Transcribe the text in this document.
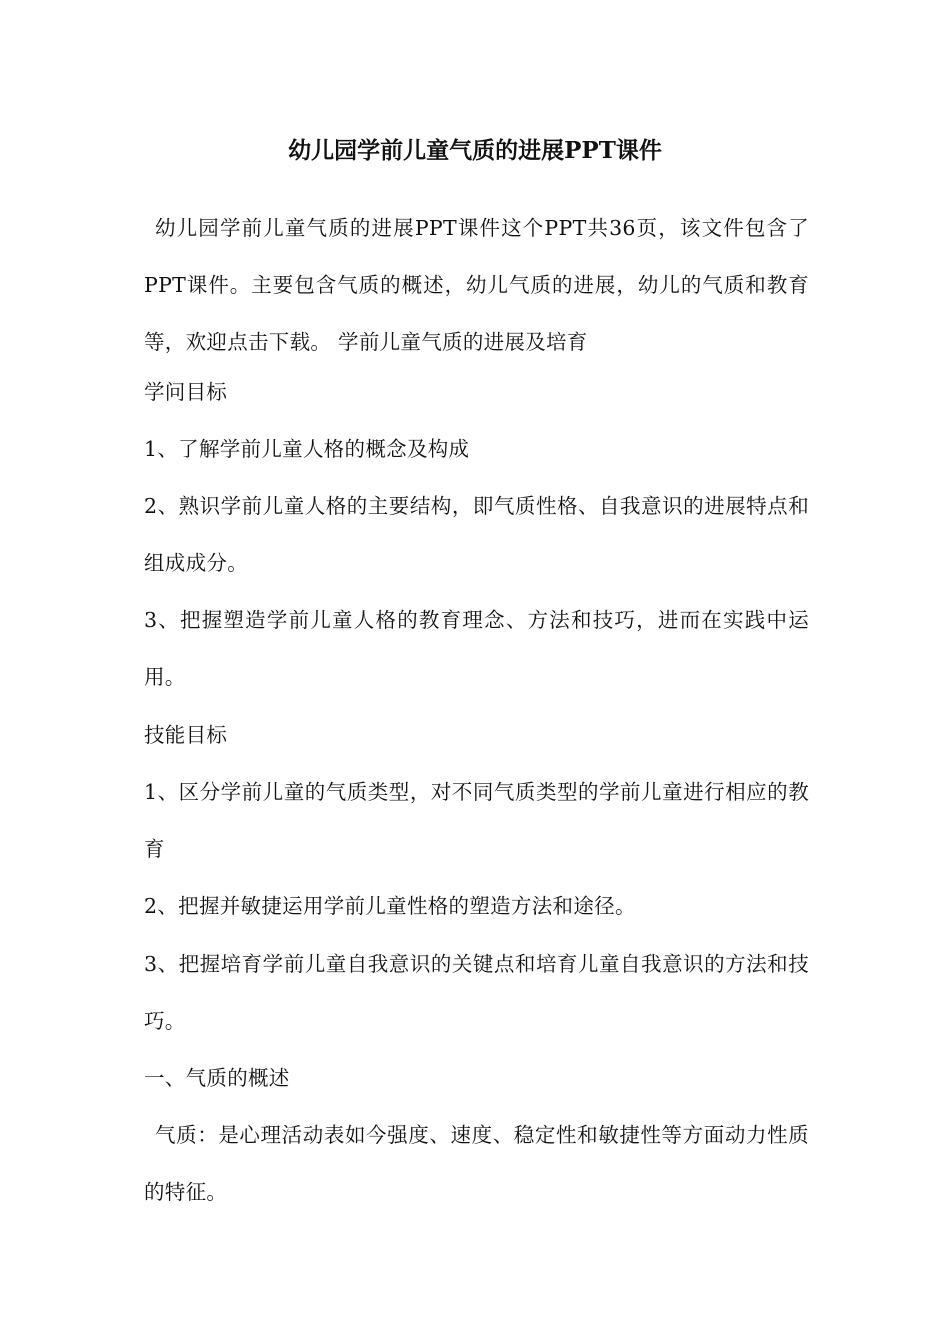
幼儿园学前儿童气质的进展PPT课件

幼儿园学前儿童气质的进展PPT课件这个PPT共36页，该文件包含了PPT课件。主要包含气质的概述，幼儿气质的进展，幼儿的气质和教育等，欢迎点击下载。 学前儿童气质的进展及培育

学问目标

1、了解学前儿童人格的概念及构成

2、熟识学前儿童人格的主要结构，即气质性格、自我意识的进展特点和组成成分。

3、把握塑造学前儿童人格的教育理念、方法和技巧，进而在实践中运用。

技能目标

1、区分学前儿童的气质类型，对不同气质类型的学前儿童进行相应的教育

2、把握并敏捷运用学前儿童性格的塑造方法和途径。

3、把握培育学前儿童自我意识的关键点和培育儿童自我意识的方法和技巧。

一、气质的概述

气质：是心理活动表如今强度、速度、稳定性和敏捷性等方面动力性质的特征。
